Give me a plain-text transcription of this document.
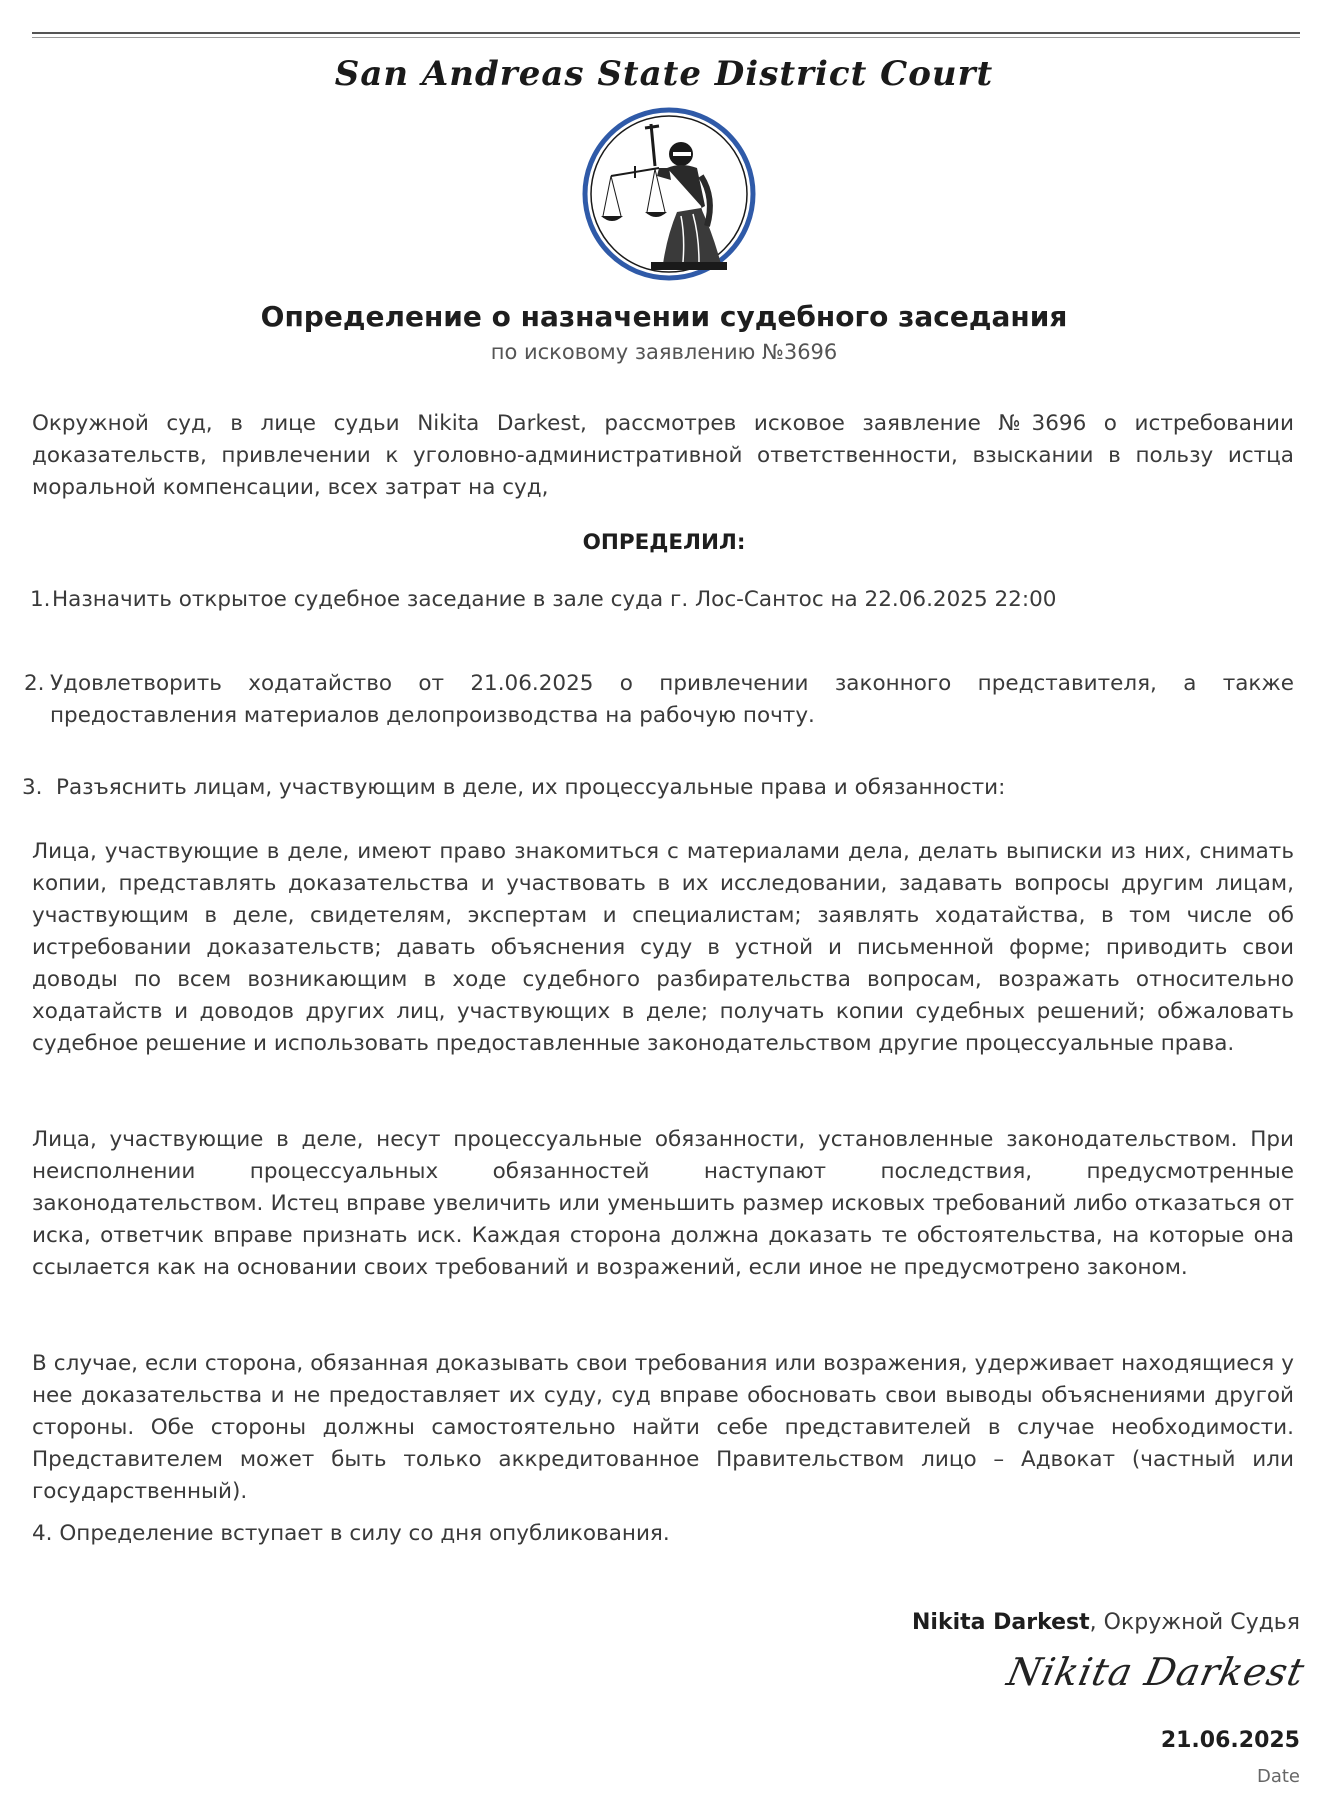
San Andreas State District Court
Определение о назначении судебного заседания
по исковому заявлению №3696
Окружной суд, в лице судьи Nikita Darkest, рассмотрев исковое заявление №3696 о истребовании доказательств, привлечении к уголовно-административной ответственности, взыскании в пользу истца моральной компенсации, всех затрат на суд,
ОПРЕДЕЛИЛ:
1. Назначить открытое судебное заседание в зале суда г. Лос-Сантос на 22.06.2025 22:00
2. Удовлетворить ходатайство от 21.06.2025 о привлечении законного представителя, а также предоставления материалов делопроизводства на рабочую почту.
3. Разъяснить лицам, участвующим в деле, их процессуальные права и обязанности:
Лица, участвующие в деле, имеют право знакомиться с материалами дела, делать выписки из них, снимать копии, представлять доказательства и участвовать в их исследовании, задавать вопросы другим лицам, участвующим в деле, свидетелям, экспертам и специалистам; заявлять ходатайства, в том числе об истребовании доказательств; давать объяснения суду в устной и письменной форме; приводить свои доводы по всем возникающим в ходе судебного разбирательства вопросам, возражать относительно ходатайств и доводов других лиц, участвующих в деле; получать копии судебных решений; обжаловать судебное решение и использовать предоставленные законодательством другие процессуальные права.
Лица, участвующие в деле, несут процессуальные обязанности, установленные законодательством. При неисполнении процессуальных обязанностей наступают последствия, предусмотренные законодательством. Истец вправе увеличить или уменьшить размер исковых требований либо отказаться от иска, ответчик вправе признать иск. Каждая сторона должна доказать те обстоятельства, на которые она ссылается как на основании своих требований и возражений, если иное не предусмотрено законом.
В случае, если сторона, обязанная доказывать свои требования или возражения, удерживает находящиеся у нее доказательства и не предоставляет их суду, суд вправе обосновать свои выводы объяснениями другой стороны. Обе стороны должны самостоятельно найти себе представителей в случае необходимости. Представителем может быть только аккредитованное Правительством лицо – Адвокат (частный или государственный).
4. Определение вступает в силу со дня опубликования.
Nikita Darkest, Окружной Судья
Nikita Darkest
21.06.2025
Date
